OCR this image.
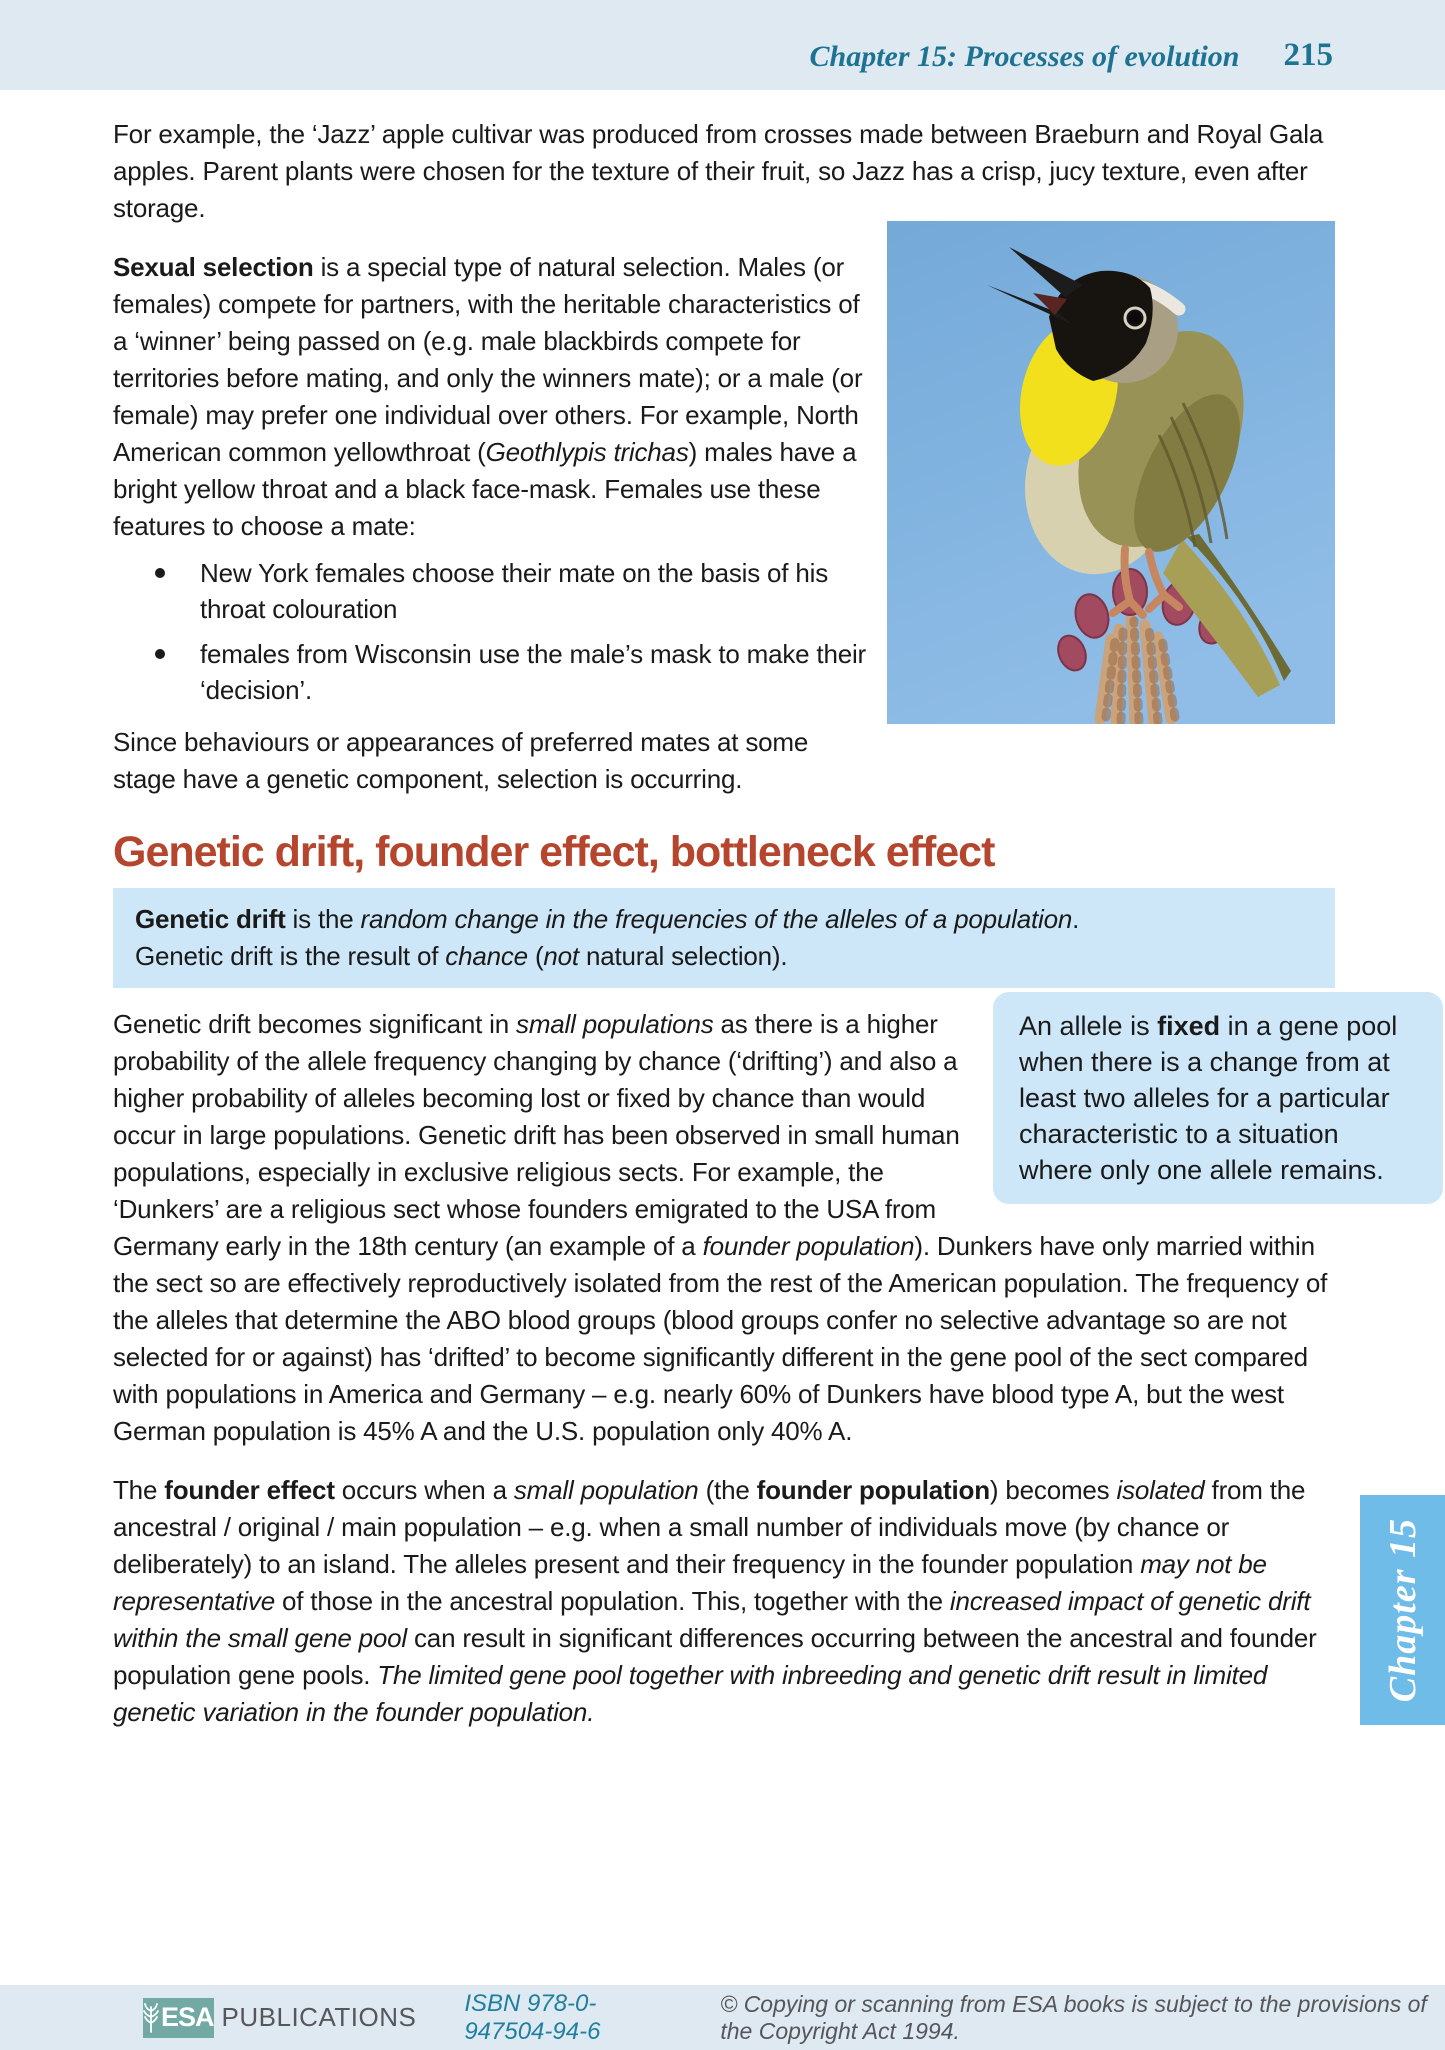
Chapter 15: Processes of evolution 215
For example, the ‘Jazz’ apple cultivar was produced from crosses made between Braeburn and Royal Gala apples. Parent plants were chosen for the texture of their fruit, so Jazz has a crisp, jucy texture, even after storage.
Sexual selection is a special type of natural selection. Males (or females) compete for partners, with the heritable characteristics of a ‘winner’ being passed on (e.g. male blackbirds compete for territories before mating, and only the winners mate); or a male (or female) may prefer one individual over others. For example, North American common yellowthroat (Geothlypis trichas) males have a bright yellow throat and a black face-mask. Females use these features to choose a mate:
New York females choose their mate on the basis of his throat colouration
females from Wisconsin use the male’s mask to make their ‘decision’.
Since behaviours or appearances of preferred mates at some stage have a genetic component, selection is occurring.
Genetic drift, founder effect, bottleneck effect
Genetic drift is the random change in the frequencies of the alleles of a population.
Genetic drift is the result of chance (not natural selection).
An allele is fixed in a gene pool when there is a change from at least two alleles for a particular characteristic to a situation where only one allele remains.
Genetic drift becomes significant in small populations as there is a higher probability of the allele frequency changing by chance (‘drifting’) and also a higher probability of alleles becoming lost or fixed by chance than would occur in large populations. Genetic drift has been observed in small human populations, especially in exclusive religious sects. For example, the ‘Dunkers’ are a religious sect whose founders emigrated to the USA from Germany early in the 18th century (an example of a founder population). Dunkers have only married within the sect so are effectively reproductively isolated from the rest of the American population. The frequency of the alleles that determine the ABO blood groups (blood groups confer no selective advantage so are not selected for or against) has ‘drifted’ to become significantly different in the gene pool of the sect compared with populations in America and Germany – e.g. nearly 60% of Dunkers have blood type A, but the west German population is 45% A and the U.S. population only 40% A.
The founder effect occurs when a small population (the founder population) becomes isolated from the ancestral / original / main population – e.g. when a small number of individuals move (by chance or deliberately) to an island. The alleles present and their frequency in the founder population may not be representative of those in the ancestral population. This, together with the increased impact of genetic drift within the small gene pool can result in significant differences occurring between the ancestral and founder population gene pools. The limited gene pool together with inbreeding and genetic drift result in limited genetic variation in the founder population.
Chapter 15
ESA PUBLICATIONS ISBN 978-0-947504-94-6
© Copying or scanning from ESA books is subject to the provisions of the Copyright Act 1994.
